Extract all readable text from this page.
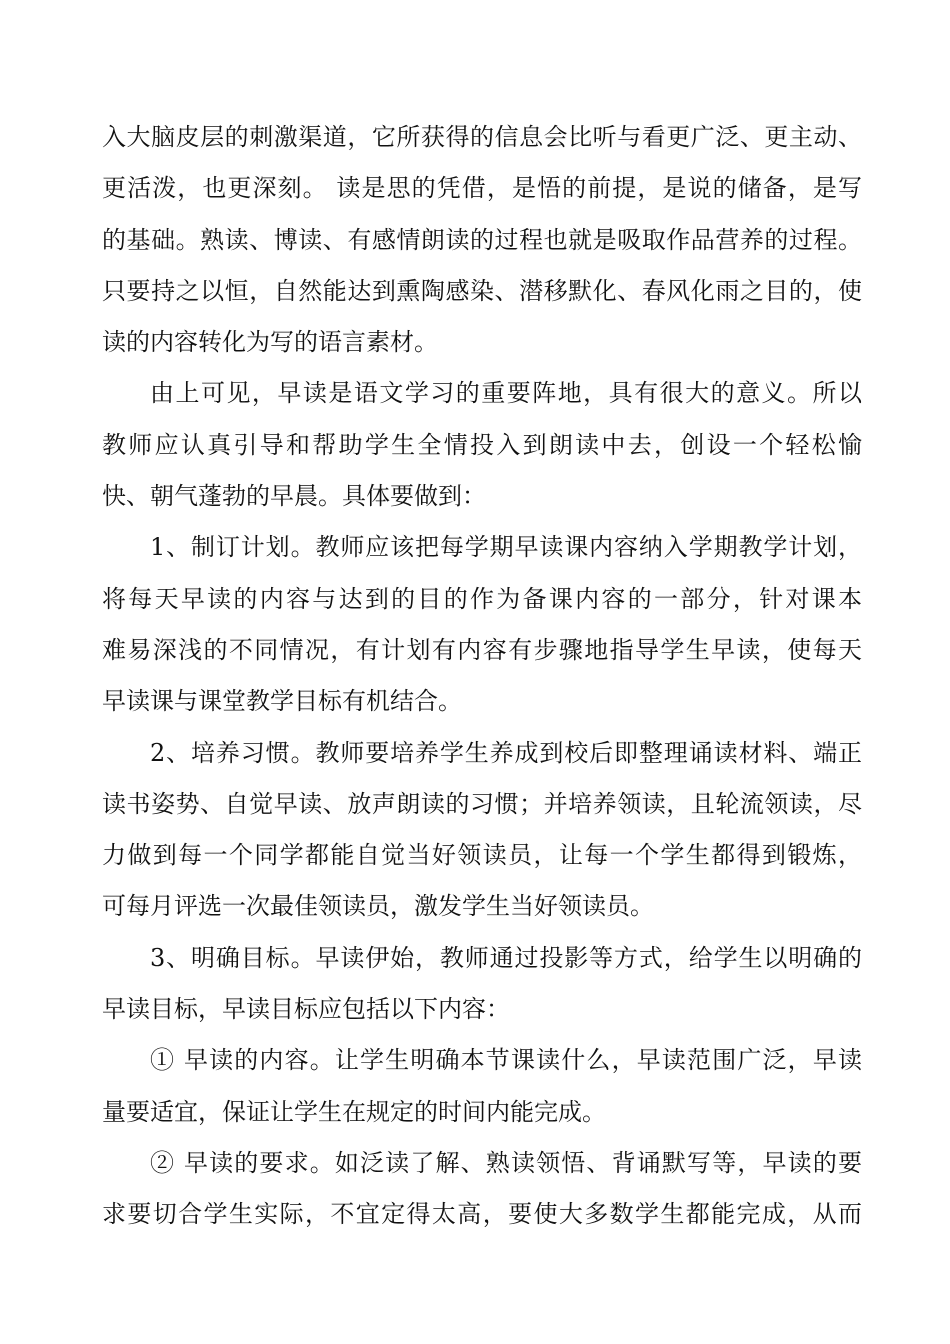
入大脑皮层的刺激渠道，它所获得的信息会比听与看更广泛、更主动、
更活泼，也更深刻。 读是思的凭借，是悟的前提，是说的储备，是写
的基础。熟读、博读、有感情朗读的过程也就是吸取作品营养的过程。
只要持之以恒，自然能达到熏陶感染、潜移默化、春风化雨之目的，使
读的内容转化为写的语言素材。
由上可见，早读是语文学习的重要阵地，具有很大的意义。所以
教师应认真引导和帮助学生全情投入到朗读中去，创设一个轻松愉
快、朝气蓬勃的早晨。具体要做到：
1、制订计划。教师应该把每学期早读课内容纳入学期教学计划，
将每天早读的内容与达到的目的作为备课内容的一部分，针对课本
难易深浅的不同情况，有计划有内容有步骤地指导学生早读，使每天
早读课与课堂教学目标有机结合。
2、培养习惯。教师要培养学生养成到校后即整理诵读材料、端正
读书姿势、自觉早读、放声朗读的习惯；并培养领读，且轮流领读，尽
力做到每一个同学都能自觉当好领读员，让每一个学生都得到锻炼，
可每月评选一次最佳领读员，激发学生当好领读员。
3、明确目标。早读伊始，教师通过投影等方式，给学生以明确的
早读目标，早读目标应包括以下内容：
① 早读的内容。让学生明确本节课读什么，早读范围广泛，早读
量要适宜，保证让学生在规定的时间内能完成。
② 早读的要求。如泛读了解、熟读领悟、背诵默写等，早读的要
求要切合学生实际，不宜定得太高，要使大多数学生都能完成，从而
